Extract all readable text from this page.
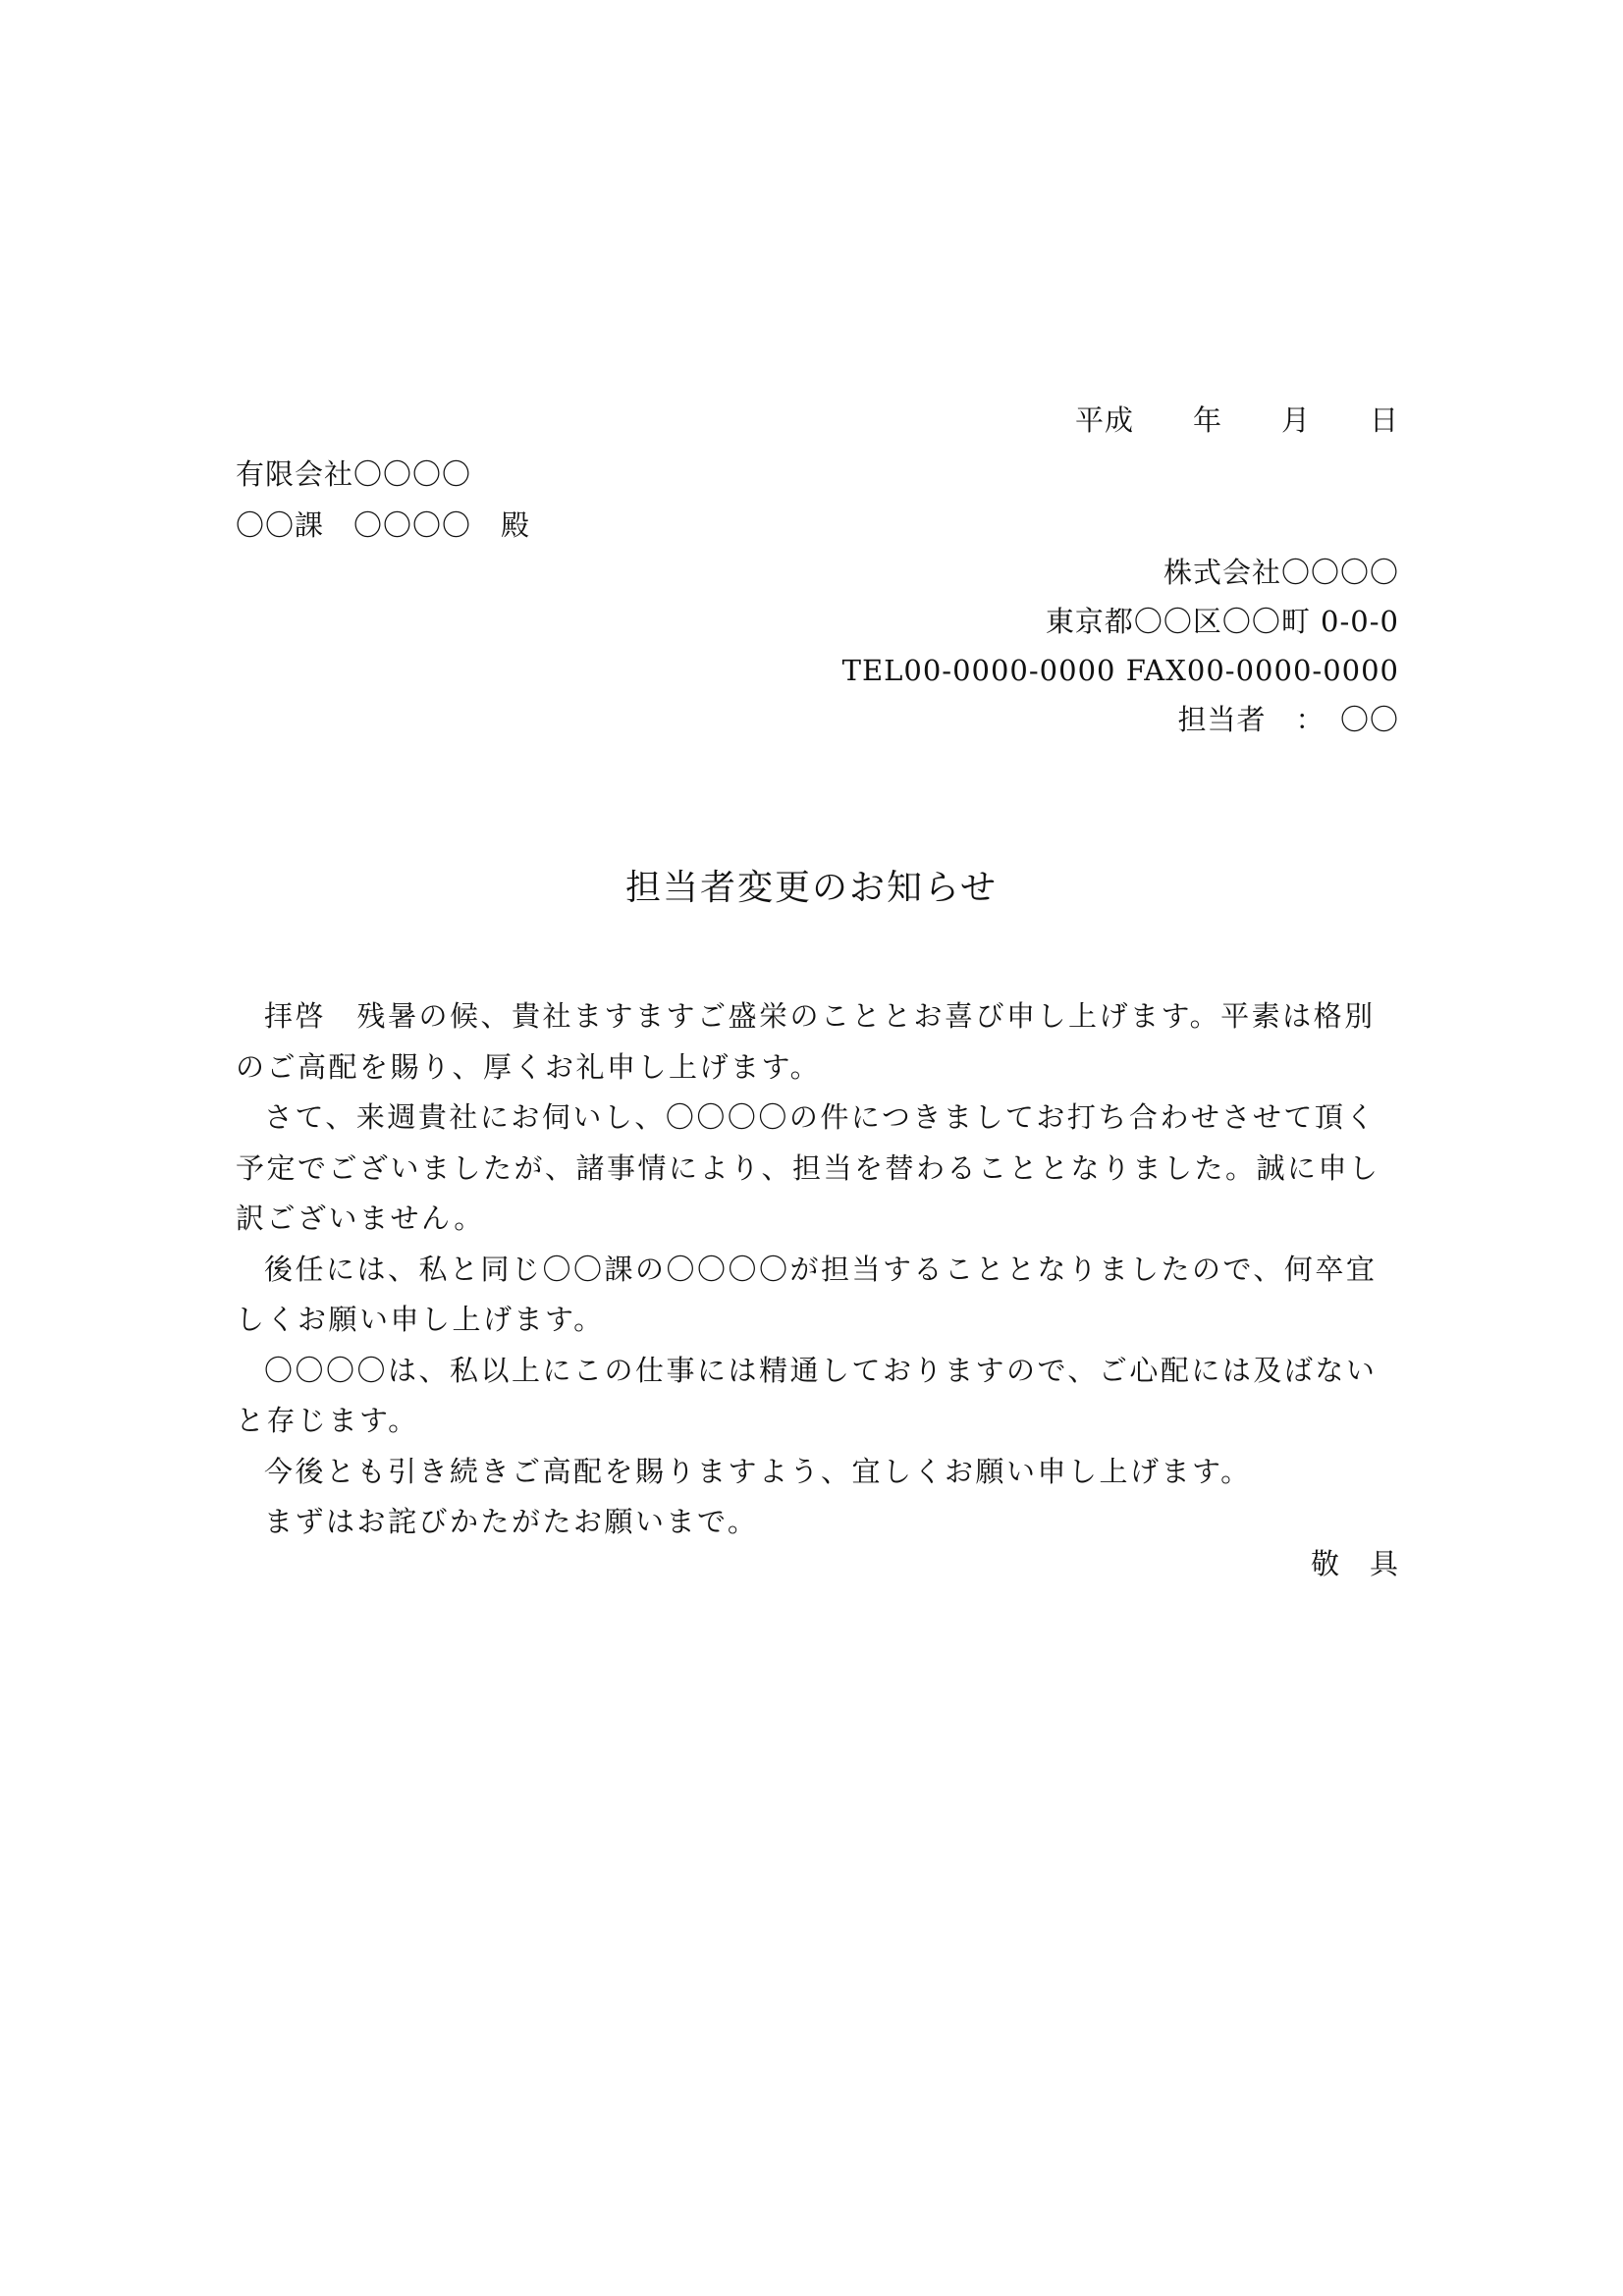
平成 年 月 日
有限会社〇〇〇〇
〇〇課　〇〇〇〇　殿
株式会社〇〇〇〇
東京都〇〇区〇〇町 0-0-0
TEL00-0000-0000 FAX00-0000-0000
担当者　：　〇〇
担当者変更のお知らせ

拝啓　残暑の候、貴社ますますご盛栄のこととお喜び申し上げます。平素は格別のご高配を賜り、厚くお礼申し上げます。

さて、来週貴社にお伺いし、〇〇〇〇の件につきましてお打ち合わせさせて頂く予定でございましたが、諸事情により、担当を替わることとなりました。誠に申し訳ございません。

後任には、私と同じ〇〇課の〇〇〇〇が担当することとなりましたので、何卒宜しくお願い申し上げます。

〇〇〇〇は、私以上にこの仕事には精通しておりますので、ご心配には及ばないと存じます。

今後とも引き続きご高配を賜りますよう、宜しくお願い申し上げます。

まずはお詫びかたがたお願いまで。

敬　具
